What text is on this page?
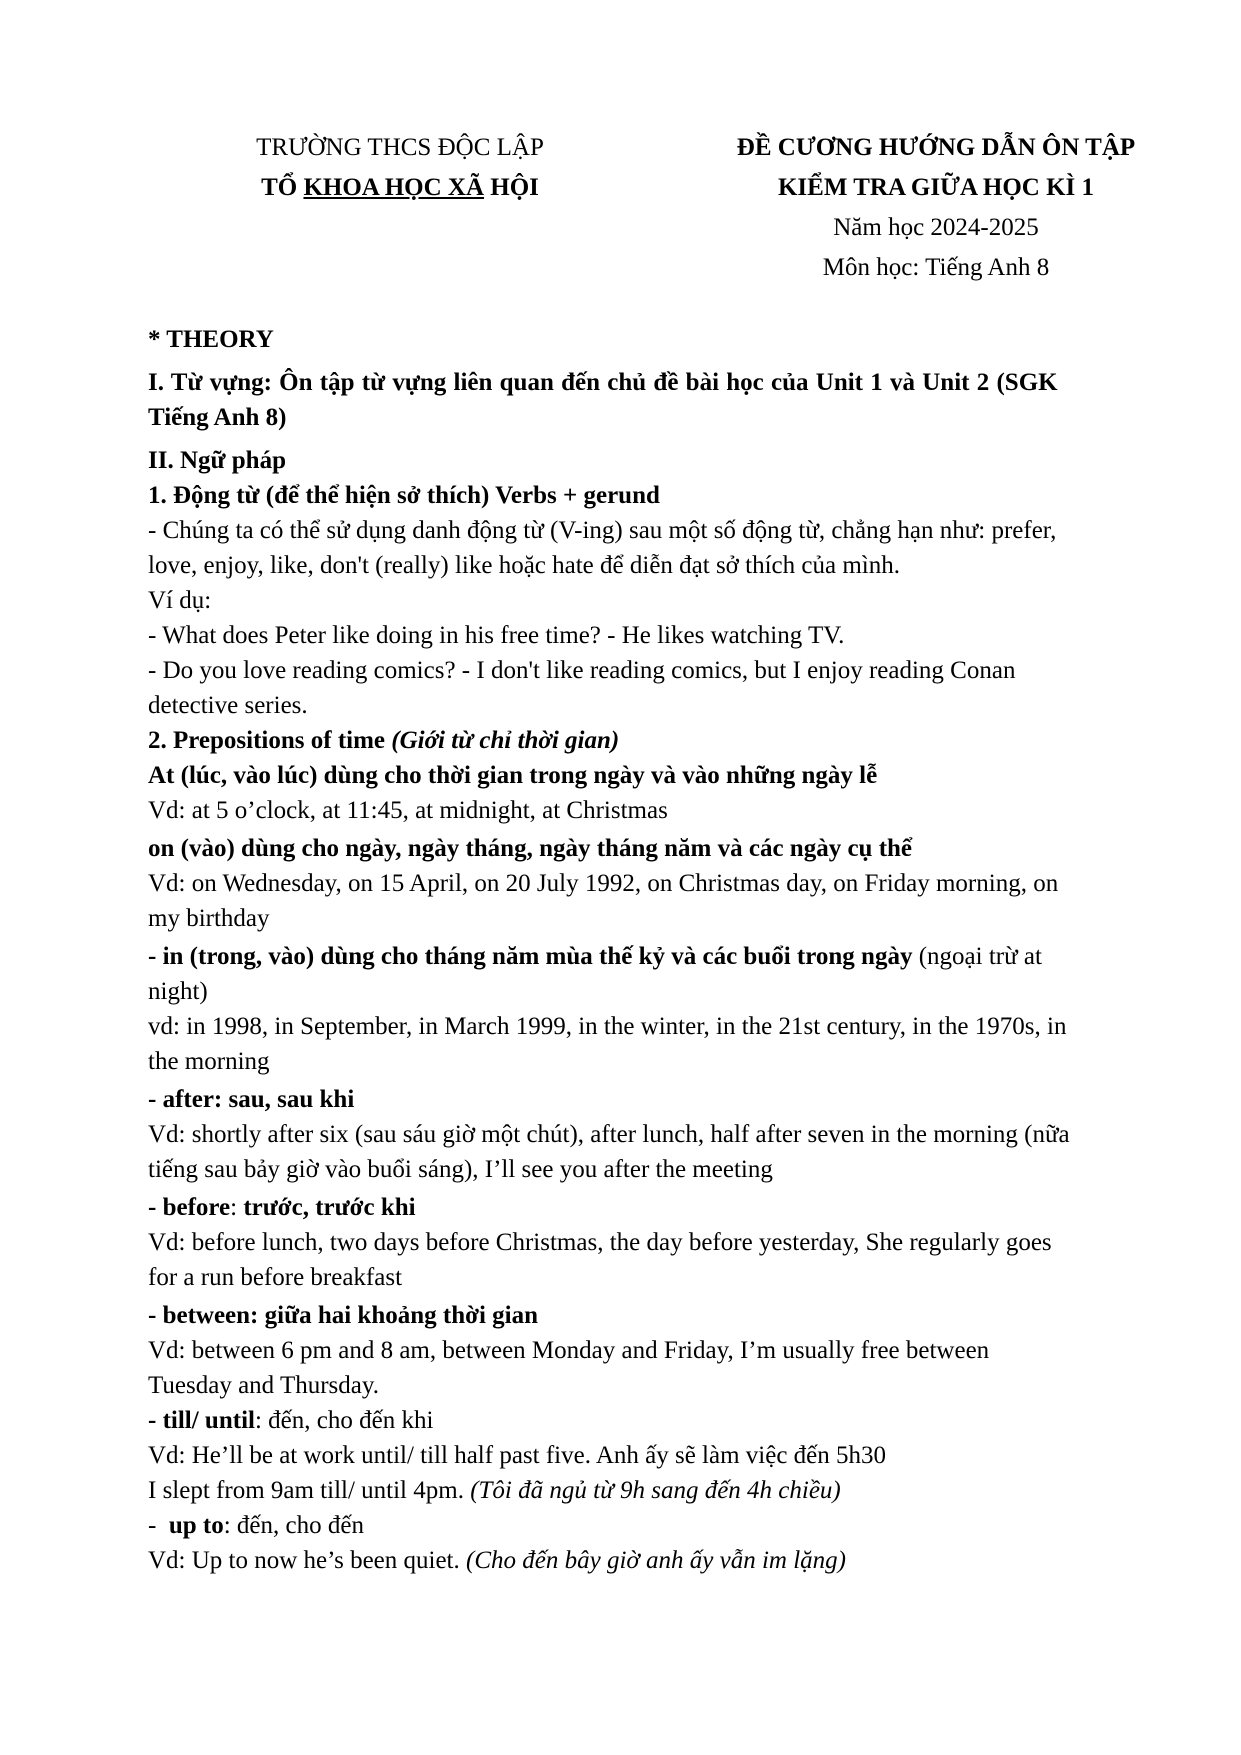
TRƯỜNG THCS ĐỘC LẬP
TỔ KHOA HỌC XÃ HỘI
ĐỀ CƯƠNG HƯỚNG DẪN ÔN TẬP
KIỂM TRA GIỮA HỌC KÌ 1
Năm học 2024-2025
Môn học: Tiếng Anh 8
* THEORY
I. Từ vựng: Ôn tập từ vựng liên quan đến chủ đề bài học của Unit 1 và Unit 2 (SGK
Tiếng Anh 8)
II. Ngữ pháp
1. Động từ (để thể hiện sở thích) Verbs + gerund
- Chúng ta có thể sử dụng danh động từ (V-ing) sau một số động từ, chẳng hạn như: prefer,
love, enjoy, like, don't (really) like hoặc hate để diễn đạt sở thích của mình.
Ví dụ:
- What does Peter like doing in his free time? - He likes watching TV.
- Do you love reading comics? - I don't like reading comics, but I enjoy reading Conan
detective series.
2. Prepositions of time (Giới từ chỉ thời gian)
At (lúc, vào lúc) dùng cho thời gian trong ngày và vào những ngày lễ
Vd: at 5 o’clock, at 11:45, at midnight, at Christmas
on (vào) dùng cho ngày, ngày tháng, ngày tháng năm và các ngày cụ thể
Vd: on Wednesday, on 15 April, on 20 July 1992, on Christmas day, on Friday morning, on
my birthday
- in (trong, vào) dùng cho tháng năm mùa thế kỷ và các buổi trong ngày (ngoại trừ at
night)
vd: in 1998, in September, in March 1999, in the winter, in the 21st century, in the 1970s, in
the morning
- after: sau, sau khi
Vd: shortly after six (sau sáu giờ một chút), after lunch, half after seven in the morning (nữa
tiếng sau bảy giờ vào buổi sáng), I’ll see you after the meeting
- before: trước, trước khi
Vd: before lunch, two days before Christmas, the day before yesterday, She regularly goes
for a run before breakfast
- between: giữa hai khoảng thời gian
Vd: between 6 pm and 8 am, between Monday and Friday, I’m usually free between
Tuesday and Thursday.
- till/ until: đến, cho đến khi
Vd: He’ll be at work until/ till half past five. Anh ấy sẽ làm việc đến 5h30
I slept from 9am till/ until 4pm. (Tôi đã ngủ từ 9h sang đến 4h chiều)
-  up to: đến, cho đến
Vd: Up to now he’s been quiet. (Cho đến bây giờ anh ấy vẫn im lặng)
